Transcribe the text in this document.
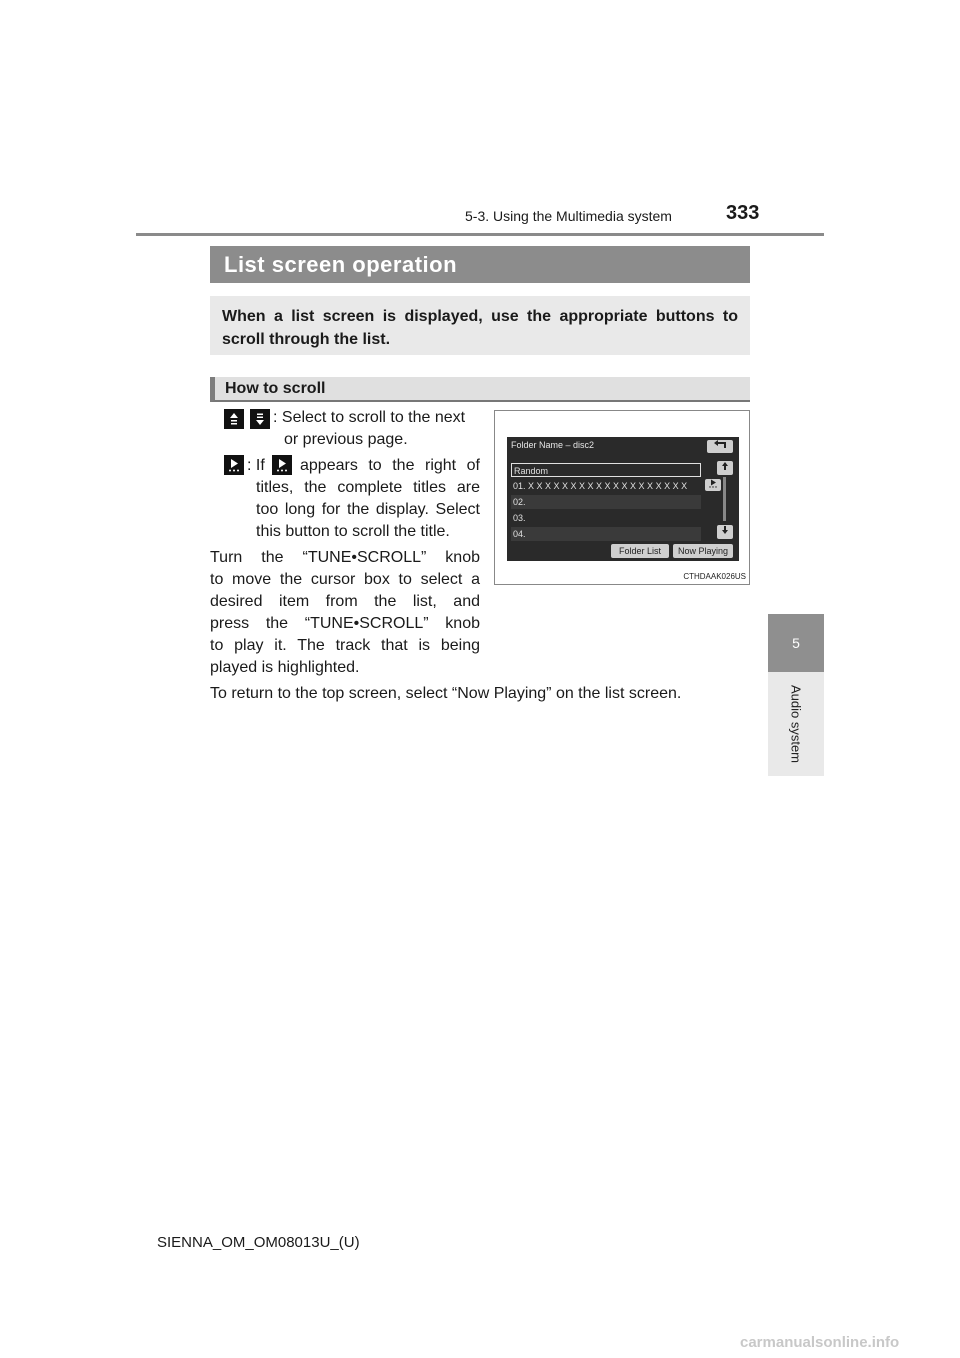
5-3. Using the Multimedia system	333
5
Audio system
List screen operation
When a list screen is displayed, use the appropriate buttons to scroll through the list.
How to scroll
: Select to scroll to the next
or previous page.
: If appears to the right of
titles, the complete titles are
too long for the display. Select
this button to scroll the title.
Turn the “TUNE•SCROLL” knob
to move the cursor box to select a
desired item from the list, and
press the “TUNE•SCROLL” knob
to play it. The track that is being
played is highlighted.
To return to the top screen, select “Now Playing” on the list screen.
Folder Name – disc2
Random
01. X X X X X X X X X X X X X X X X X X X
02.
03.
04.
Folder List	Now Playing
CTHDAAK026US
SIENNA_OM_OM08013U_(U)
carmanualsonline.info
